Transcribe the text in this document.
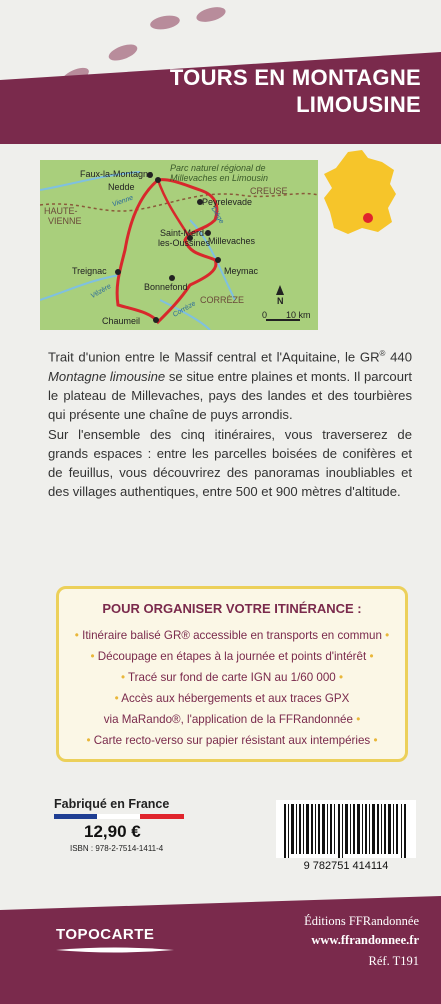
TOURS EN MONTAGNE
LIMOUSINE
Faux-la-Montagne
Nedde
Peyrelevade
Saint-Merd-
les-Oussines
Millevaches
Treignac
Bonnefond
Meymac
Chaumeil
Parc naturel régional de
Millevaches en Limousin
CREUSE
HAUTE-
VIENNE
CORRÈZE
Vienne
Vézère
Diège
Corrèze	N
0 10 km

Trait d'union entre le Massif central et l'Aquitaine, le GR® 440 Montagne limousine se situe entre plaines et monts. Il parcourt le plateau de Millevaches, pays des landes et des tourbières qui présente une chaîne de puys arrondis.

Sur l'ensemble des cinq itinéraires, vous traverserez de grands espaces : entre les parcelles boisées de conifères et de feuillus, vous découvrirez des panoramas inoubliables et des villages authentiques, entre 500 et 900 mètres d'altitude.

POUR ORGANISER VOTRE ITINÉRANCE :
• Itinéraire balisé GR® accessible en transports en commun •
• Découpage en étapes à la journée et points d'intérêt •
• Tracé sur fond de carte IGN au 1/60 000 •
• Accès aux hébergements et aux traces GPX
via MaRando®, l'application de la FFRandonnée •
• Carte recto-verso sur papier résistant aux intempéries •
Fabriqué en France
12,90 €
ISBN : 978-2-7514-1411-4
9 782751 414114
TOPOCARTE
Éditions FFRandonnée
www.ffrandonnee.fr
Réf. T191
